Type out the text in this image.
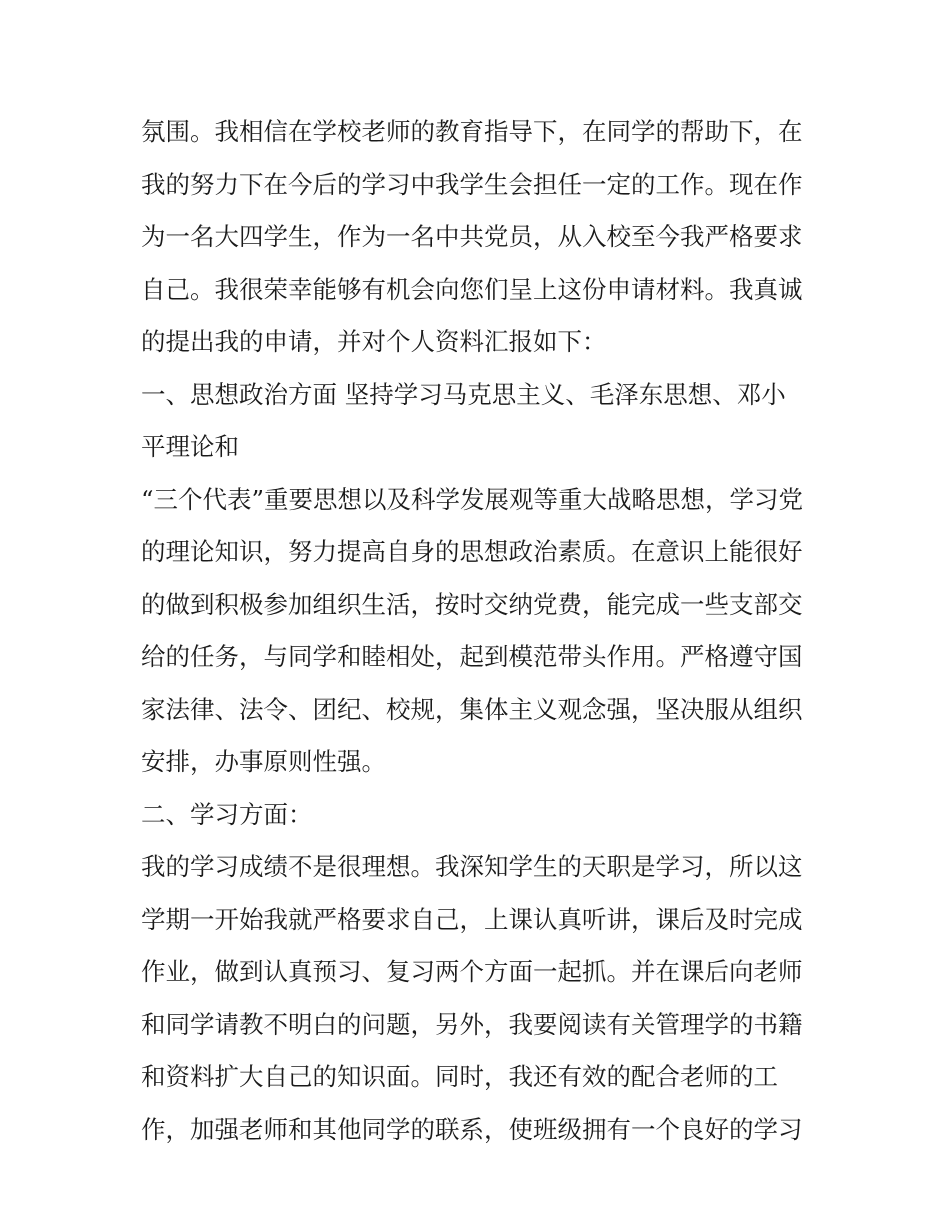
氛围。我相信在学校老师的教育指导下，在同学的帮助下，在
我的努力下在今后的学习中我学生会担任一定的工作。现在作
为一名大四学生，作为一名中共党员，从入校至今我严格要求
自己。我很荣幸能够有机会向您们呈上这份申请材料。我真诚
的提出我的申请，并对个人资料汇报如下：
一、思想政治方面 坚持学习马克思主义、毛泽东思想、邓小
平理论和
“三个代表”重要思想以及科学发展观等重大战略思想，学习党
的理论知识，努力提高自身的思想政治素质。在意识上能很好
的做到积极参加组织生活，按时交纳党费，能完成一些支部交
给的任务，与同学和睦相处，起到模范带头作用。严格遵守国
家法律、法令、团纪、校规，集体主义观念强，坚决服从组织
安排，办事原则性强。
二、学习方面：
我的学习成绩不是很理想。我深知学生的天职是学习，所以这
学期一开始我就严格要求自己，上课认真听讲，课后及时完成
作业，做到认真预习、复习两个方面一起抓。并在课后向老师
和同学请教不明白的问题，另外，我要阅读有关管理学的书籍
和资料扩大自己的知识面。同时，我还有效的配合老师的工
作，加强老师和其他同学的联系，使班级拥有一个良好的学习
